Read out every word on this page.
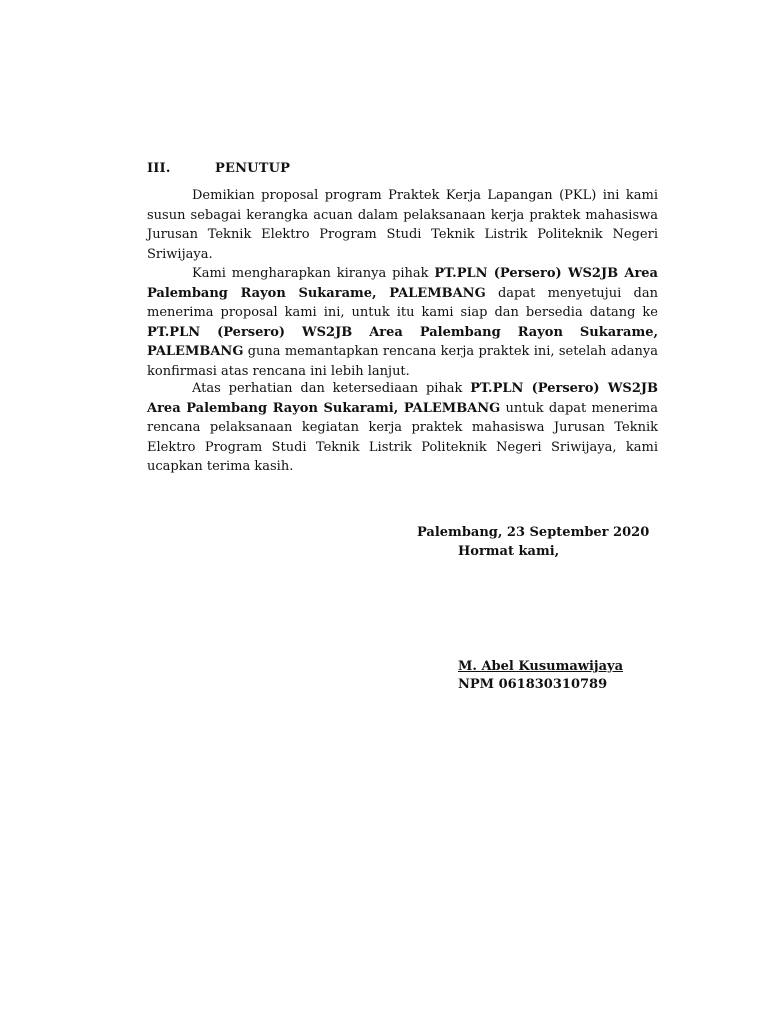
III.	PENUTUP

Demikian proposal program Praktek Kerja Lapangan (PKL) ini kami susun sebagai kerangka acuan dalam pelaksanaan kerja praktek mahasiswa Jurusan Teknik Elektro Program Studi Teknik Listrik Politeknik Negeri Sriwijaya.

Kami mengharapkan kiranya pihak PT.PLN (Persero) WS2JB Area Palembang Rayon Sukarame, PALEMBANG dapat menyetujui dan menerima proposal kami ini, untuk itu kami siap dan bersedia datang ke PT.PLN (Persero) WS2JB Area Palembang Rayon Sukarame, PALEMBANG guna memantapkan rencana kerja praktek ini, setelah adanya konfirmasi atas rencana ini lebih lanjut.

Atas perhatian dan ketersediaan pihak PT.PLN (Persero) WS2JB Area Palembang Rayon Sukarami, PALEMBANG untuk dapat menerima rencana pelaksanaan kegiatan kerja praktek mahasiswa Jurusan Teknik Elektro Program Studi Teknik Listrik Politeknik Negeri Sriwijaya, kami ucapkan terima kasih.

Palembang, 23 September 2020
Hormat kami,
M. Abel Kusumawijaya
NPM 061830310789
